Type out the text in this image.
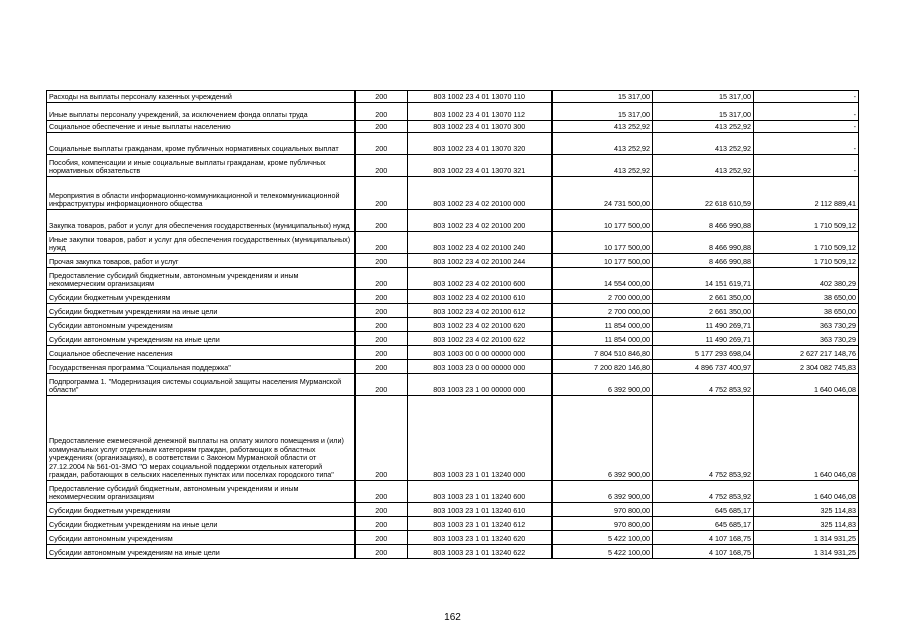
Расходы на выплаты персоналу казенных учреждений	200	803 1002 23 4 01 13070 110	15 317,00	15 317,00	-
Иные выплаты персоналу учреждений, за исключением фонда оплаты труда	200	803 1002 23 4 01 13070 112	15 317,00	15 317,00	-
Социальное обеспечение и иные выплаты населению	200	803 1002 23 4 01 13070 300	413 252,92	413 252,92	-
Социальные выплаты гражданам, кроме публичных нормативных социальных выплат	200	803 1002 23 4 01 13070 320	413 252,92	413 252,92	-
Пособия, компенсации и иные социальные выплаты гражданам, кроме публичных нормативных обязательств	200	803 1002 23 4 01 13070 321	413 252,92	413 252,92	-
Мероприятия в области информационно-коммуникационной и телекоммуникационной инфраструктуры информационного общества	200	803 1002 23 4 02 20100 000	24 731 500,00	22 618 610,59	2 112 889,41
Закупка товаров, работ и услуг для обеспечения государственных (муниципальных) нужд	200	803 1002 23 4 02 20100 200	10 177 500,00	8 466 990,88	1 710 509,12
Иные закупки товаров, работ и услуг для обеспечения государственных (муниципальных) нужд	200	803 1002 23 4 02 20100 240	10 177 500,00	8 466 990,88	1 710 509,12
Прочая закупка товаров, работ и услуг	200	803 1002 23 4 02 20100 244	10 177 500,00	8 466 990,88	1 710 509,12
Предоставление субсидий бюджетным, автономным учреждениям и иным некоммерческим организациям	200	803 1002 23 4 02 20100 600	14 554 000,00	14 151 619,71	402 380,29
Субсидии бюджетным учреждениям	200	803 1002 23 4 02 20100 610	2 700 000,00	2 661 350,00	38 650,00
Субсидии бюджетным учреждениям на иные цели	200	803 1002 23 4 02 20100 612	2 700 000,00	2 661 350,00	38 650,00
Субсидии автономным учреждениям	200	803 1002 23 4 02 20100 620	11 854 000,00	11 490 269,71	363 730,29
Субсидии автономным учреждениям на иные цели	200	803 1002 23 4 02 20100 622	11 854 000,00	11 490 269,71	363 730,29
Социальное обеспечение населения	200	803 1003 00 0 00 00000 000	7 804 510 846,80	5 177 293 698,04	2 627 217 148,76
Государственная программа "Социальная поддержка"	200	803 1003 23 0 00 00000 000	7 200 820 146,80	4 896 737 400,97	2 304 082 745,83
Подпрограмма 1. "Модернизация системы социальной защиты населения Мурманской области"	200	803 1003 23 1 00 00000 000	6 392 900,00	4 752 853,92	1 640 046,08
Предоставление ежемесячной денежной выплаты на оплату жилого помещения и (или) коммунальных услуг отдельным категориям граждан, работающих в областных учреждениях (организациях), в соответствии с Законом Мурманской области от 27.12.2004 № 561-01-ЗМО "О мерах социальной поддержки отдельных категорий граждан, работающих в сельских населенных пунктах или поселках городского типа"	200	803 1003 23 1 01 13240 000	6 392 900,00	4 752 853,92	1 640 046,08
Предоставление субсидий бюджетным, автономным учреждениям и иным некоммерческим организациям	200	803 1003 23 1 01 13240 600	6 392 900,00	4 752 853,92	1 640 046,08
Субсидии бюджетным учреждениям	200	803 1003 23 1 01 13240 610	970 800,00	645 685,17	325 114,83
Субсидии бюджетным учреждениям на иные цели	200	803 1003 23 1 01 13240 612	970 800,00	645 685,17	325 114,83
Субсидии автономным учреждениям	200	803 1003 23 1 01 13240 620	5 422 100,00	4 107 168,75	1 314 931,25
Субсидии автономным учреждениям на иные цели	200	803 1003 23 1 01 13240 622	5 422 100,00	4 107 168,75	1 314 931,25
162
